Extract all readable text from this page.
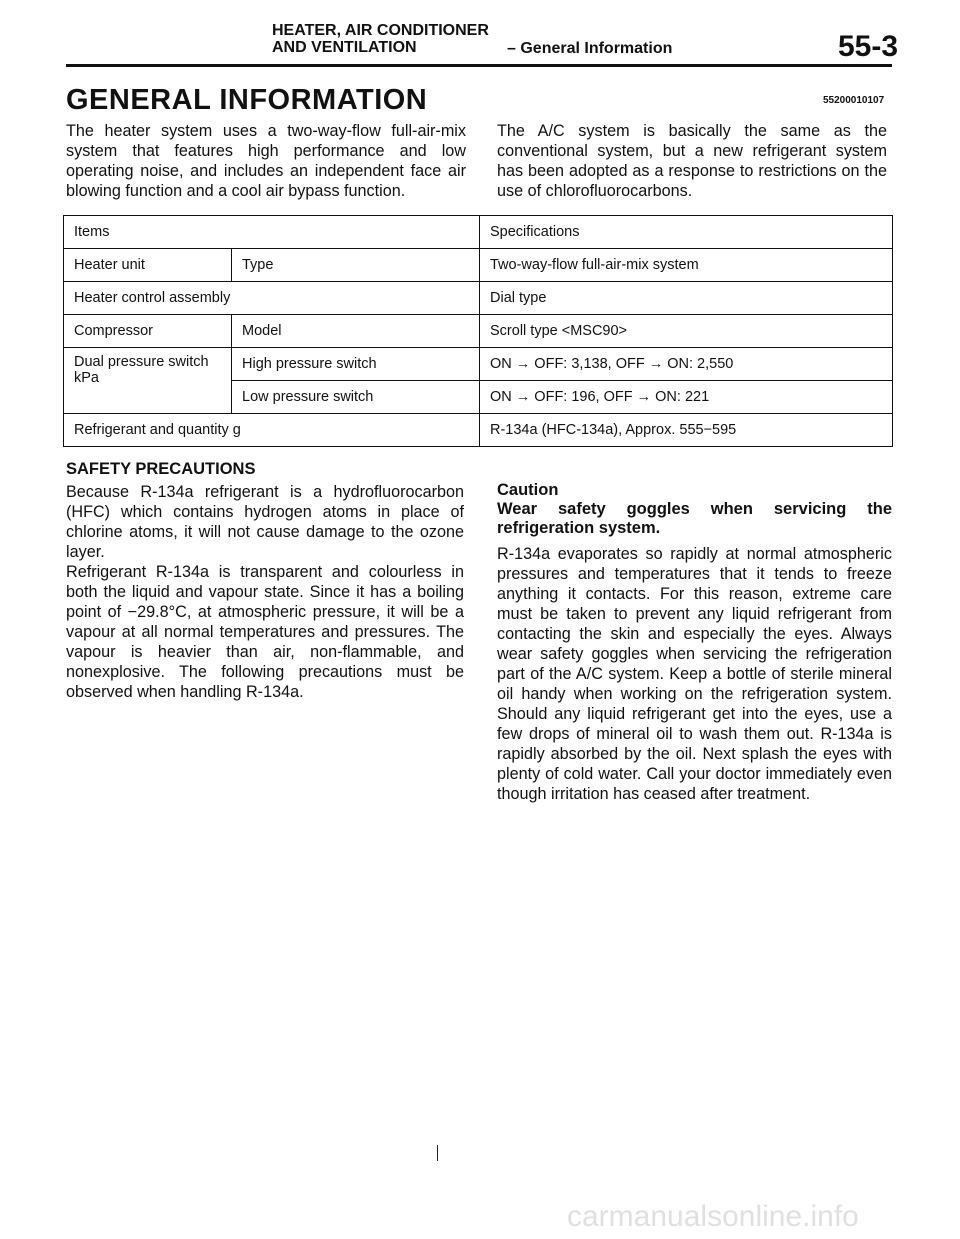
HEATER, AIR CONDITIONER
AND VENTILATION	– General Information	55-3
GENERAL INFORMATION	55200010107

The heater system uses a two-way-flow full-air-mix system that features high performance and low operating noise, and includes an independent face air blowing function and a cool air bypass function.

The A/C system is basically the same as the conventional system, but a new refrigerant system has been adopted as a response to restrictions on the use of chlorofluorocarbons.

Items		Specifications
Heater unit	Type	Two-way-flow full-air-mix system
Heater control assembly		Dial type
Compressor	Model	Scroll type <MSC90>

Dual pressure switch
kPa	High pressure switch	ON → OFF: 3,138, OFF → ON: 2,550
	Low pressure switch	ON → OFF: 196, OFF → ON: 221
Refrigerant and quantity g		R-134a (HFC-134a), Approx. 555−595
SAFETY PRECAUTIONS
Because R-134a refrigerant is a hydrofluorocarbon (HFC) which contains hydrogen atoms in place of chlorine atoms, it will not cause damage to the ozone layer.
Refrigerant R-134a is transparent and colourless in both the liquid and vapour state. Since it has a boiling point of −29.8°C, at atmospheric pressure, it will be a vapour at all normal temperatures and pressures. The vapour is heavier than air, non-flammable, and nonexplosive. The following precautions must be observed when handling R-134a.
Caution

Wear safety goggles when servicing the refrigeration system.

R-134a evaporates so rapidly at normal atmospheric pressures and temperatures that it tends to freeze anything it contacts. For this reason, extreme care must be taken to prevent any liquid refrigerant from contacting the skin and especially the eyes. Always wear safety goggles when servicing the refrigeration part of the A/C system. Keep a bottle of sterile mineral oil handy when working on the refrigeration system. Should any liquid refrigerant get into the eyes, use a few drops of mineral oil to wash them out. R-134a is rapidly absorbed by the oil. Next splash the eyes with plenty of cold water. Call your doctor immediately even though irritation has ceased after treatment.

carmanualsonline.info
